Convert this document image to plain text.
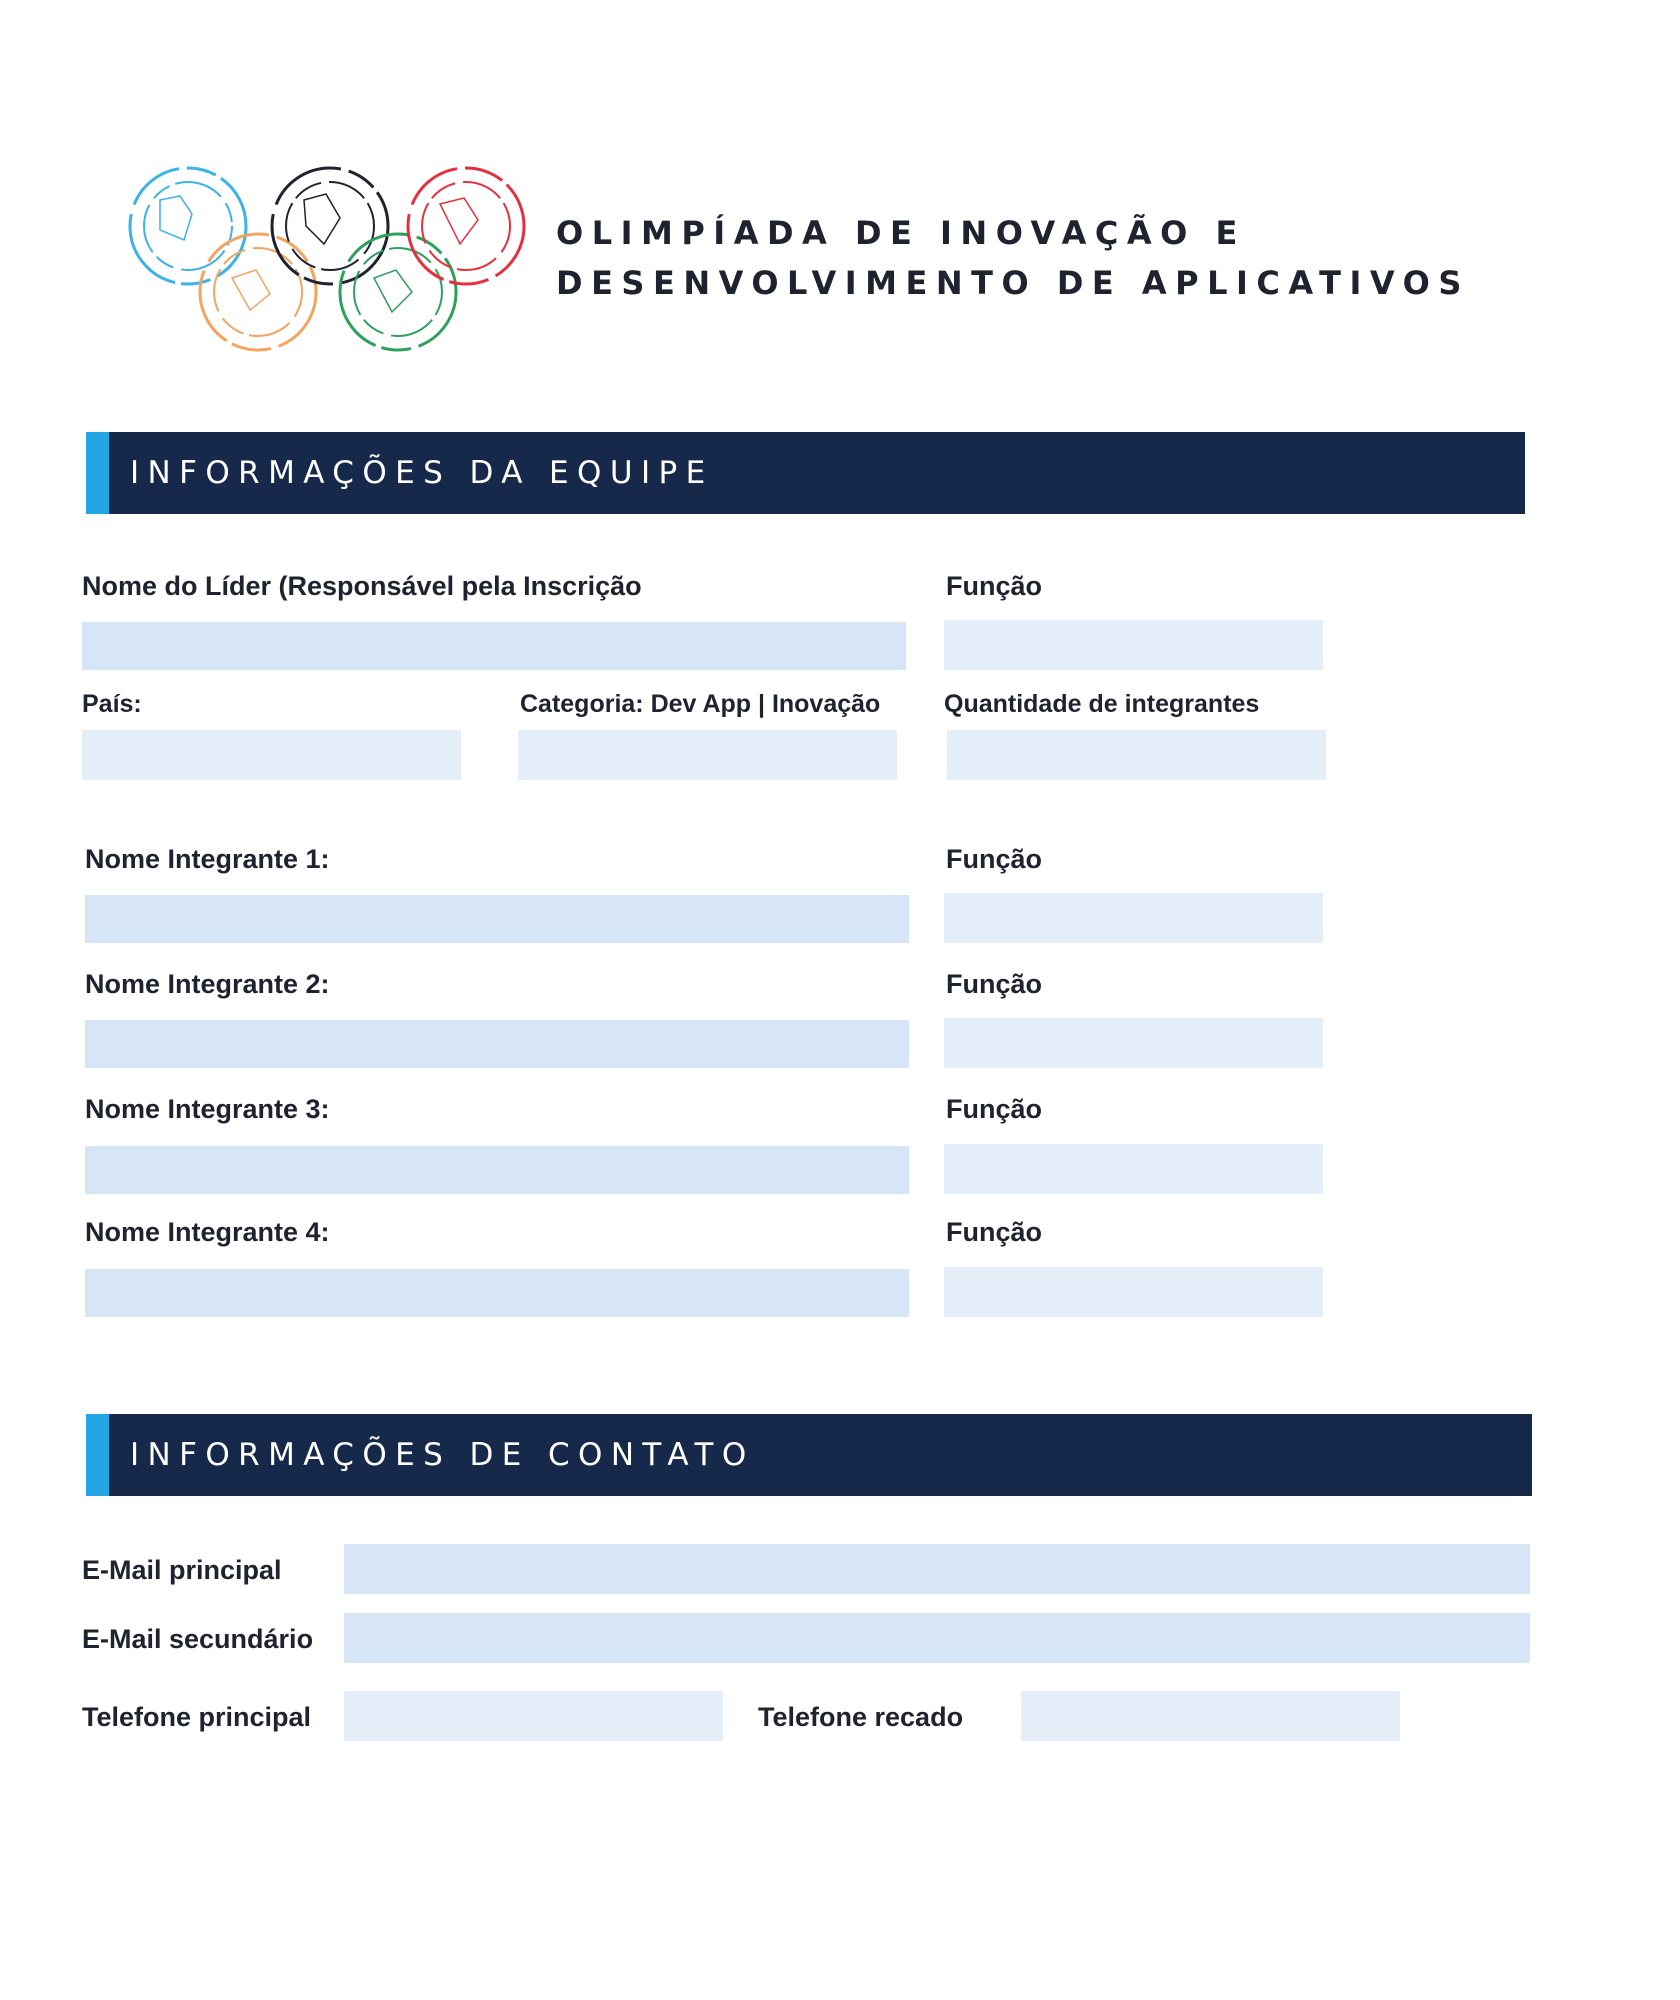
OLIMPÍADA DE INOVAÇÃO E
DESENVOLVIMENTO DE APLICATIVOS
INFORMAÇÕES DA EQUIPE
Nome do Líder (Responsável pela Inscrição	Função
País:	Categoria: Dev App | Inovação	Quantidade de integrantes
Nome Integrante 1:	Função
Nome Integrante 2:	Função
Nome Integrante 3:	Função
Nome Integrante 4:	Função
INFORMAÇÕES DE CONTATO
E-Mail principal
E-Mail secundário
Telefone principal	Telefone recado
